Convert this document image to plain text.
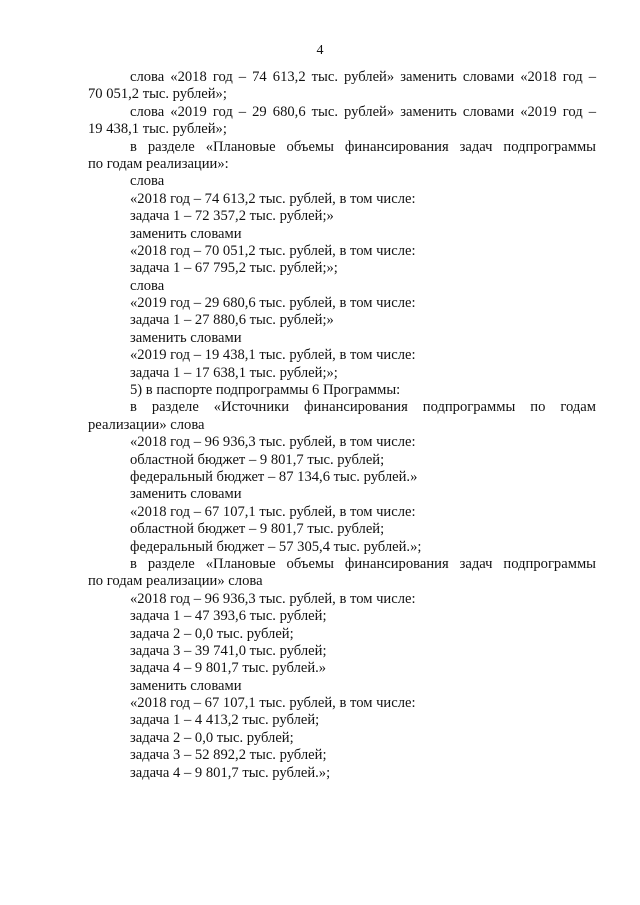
4
слова «2018 год – 74 613,2 тыс. рублей» заменить словами «2018 год –
70 051,2 тыс. рублей»;
слова «2019 год – 29 680,6 тыс. рублей» заменить словами «2019 год –
19 438,1 тыс. рублей»;
в разделе «Плановые объемы финансирования задач подпрограммы
по годам реализации»:
слова
«2018 год – 74 613,2 тыс. рублей, в том числе:
задача 1 – 72 357,2 тыс. рублей;»
заменить словами
«2018 год – 70 051,2 тыс. рублей, в том числе:
задача 1 – 67 795,2 тыс. рублей;»;
слова
«2019 год – 29 680,6 тыс. рублей, в том числе:
задача 1 – 27 880,6 тыс. рублей;»
заменить словами
«2019 год – 19 438,1 тыс. рублей, в том числе:
задача 1 – 17 638,1 тыс. рублей;»;
5) в паспорте подпрограммы 6 Программы:
в разделе «Источники финансирования подпрограммы по годам
реализации» слова
«2018 год – 96 936,3 тыс. рублей, в том числе:
областной бюджет – 9 801,7 тыс. рублей;
федеральный бюджет – 87 134,6 тыс. рублей.»
заменить словами
«2018 год – 67 107,1 тыс. рублей, в том числе:
областной бюджет – 9 801,7 тыс. рублей;
федеральный бюджет – 57 305,4 тыс. рублей.»;
в разделе «Плановые объемы финансирования задач подпрограммы
по годам реализации» слова
«2018 год – 96 936,3 тыс. рублей, в том числе:
задача 1 – 47 393,6 тыс. рублей;
задача 2 – 0,0 тыс. рублей;
задача 3 – 39 741,0 тыс. рублей;
задача 4 – 9 801,7 тыс. рублей.»
заменить словами
«2018 год – 67 107,1 тыс. рублей, в том числе:
задача 1 – 4 413,2 тыс. рублей;
задача 2 – 0,0 тыс. рублей;
задача 3 – 52 892,2 тыс. рублей;
задача 4 – 9 801,7 тыс. рублей.»;
